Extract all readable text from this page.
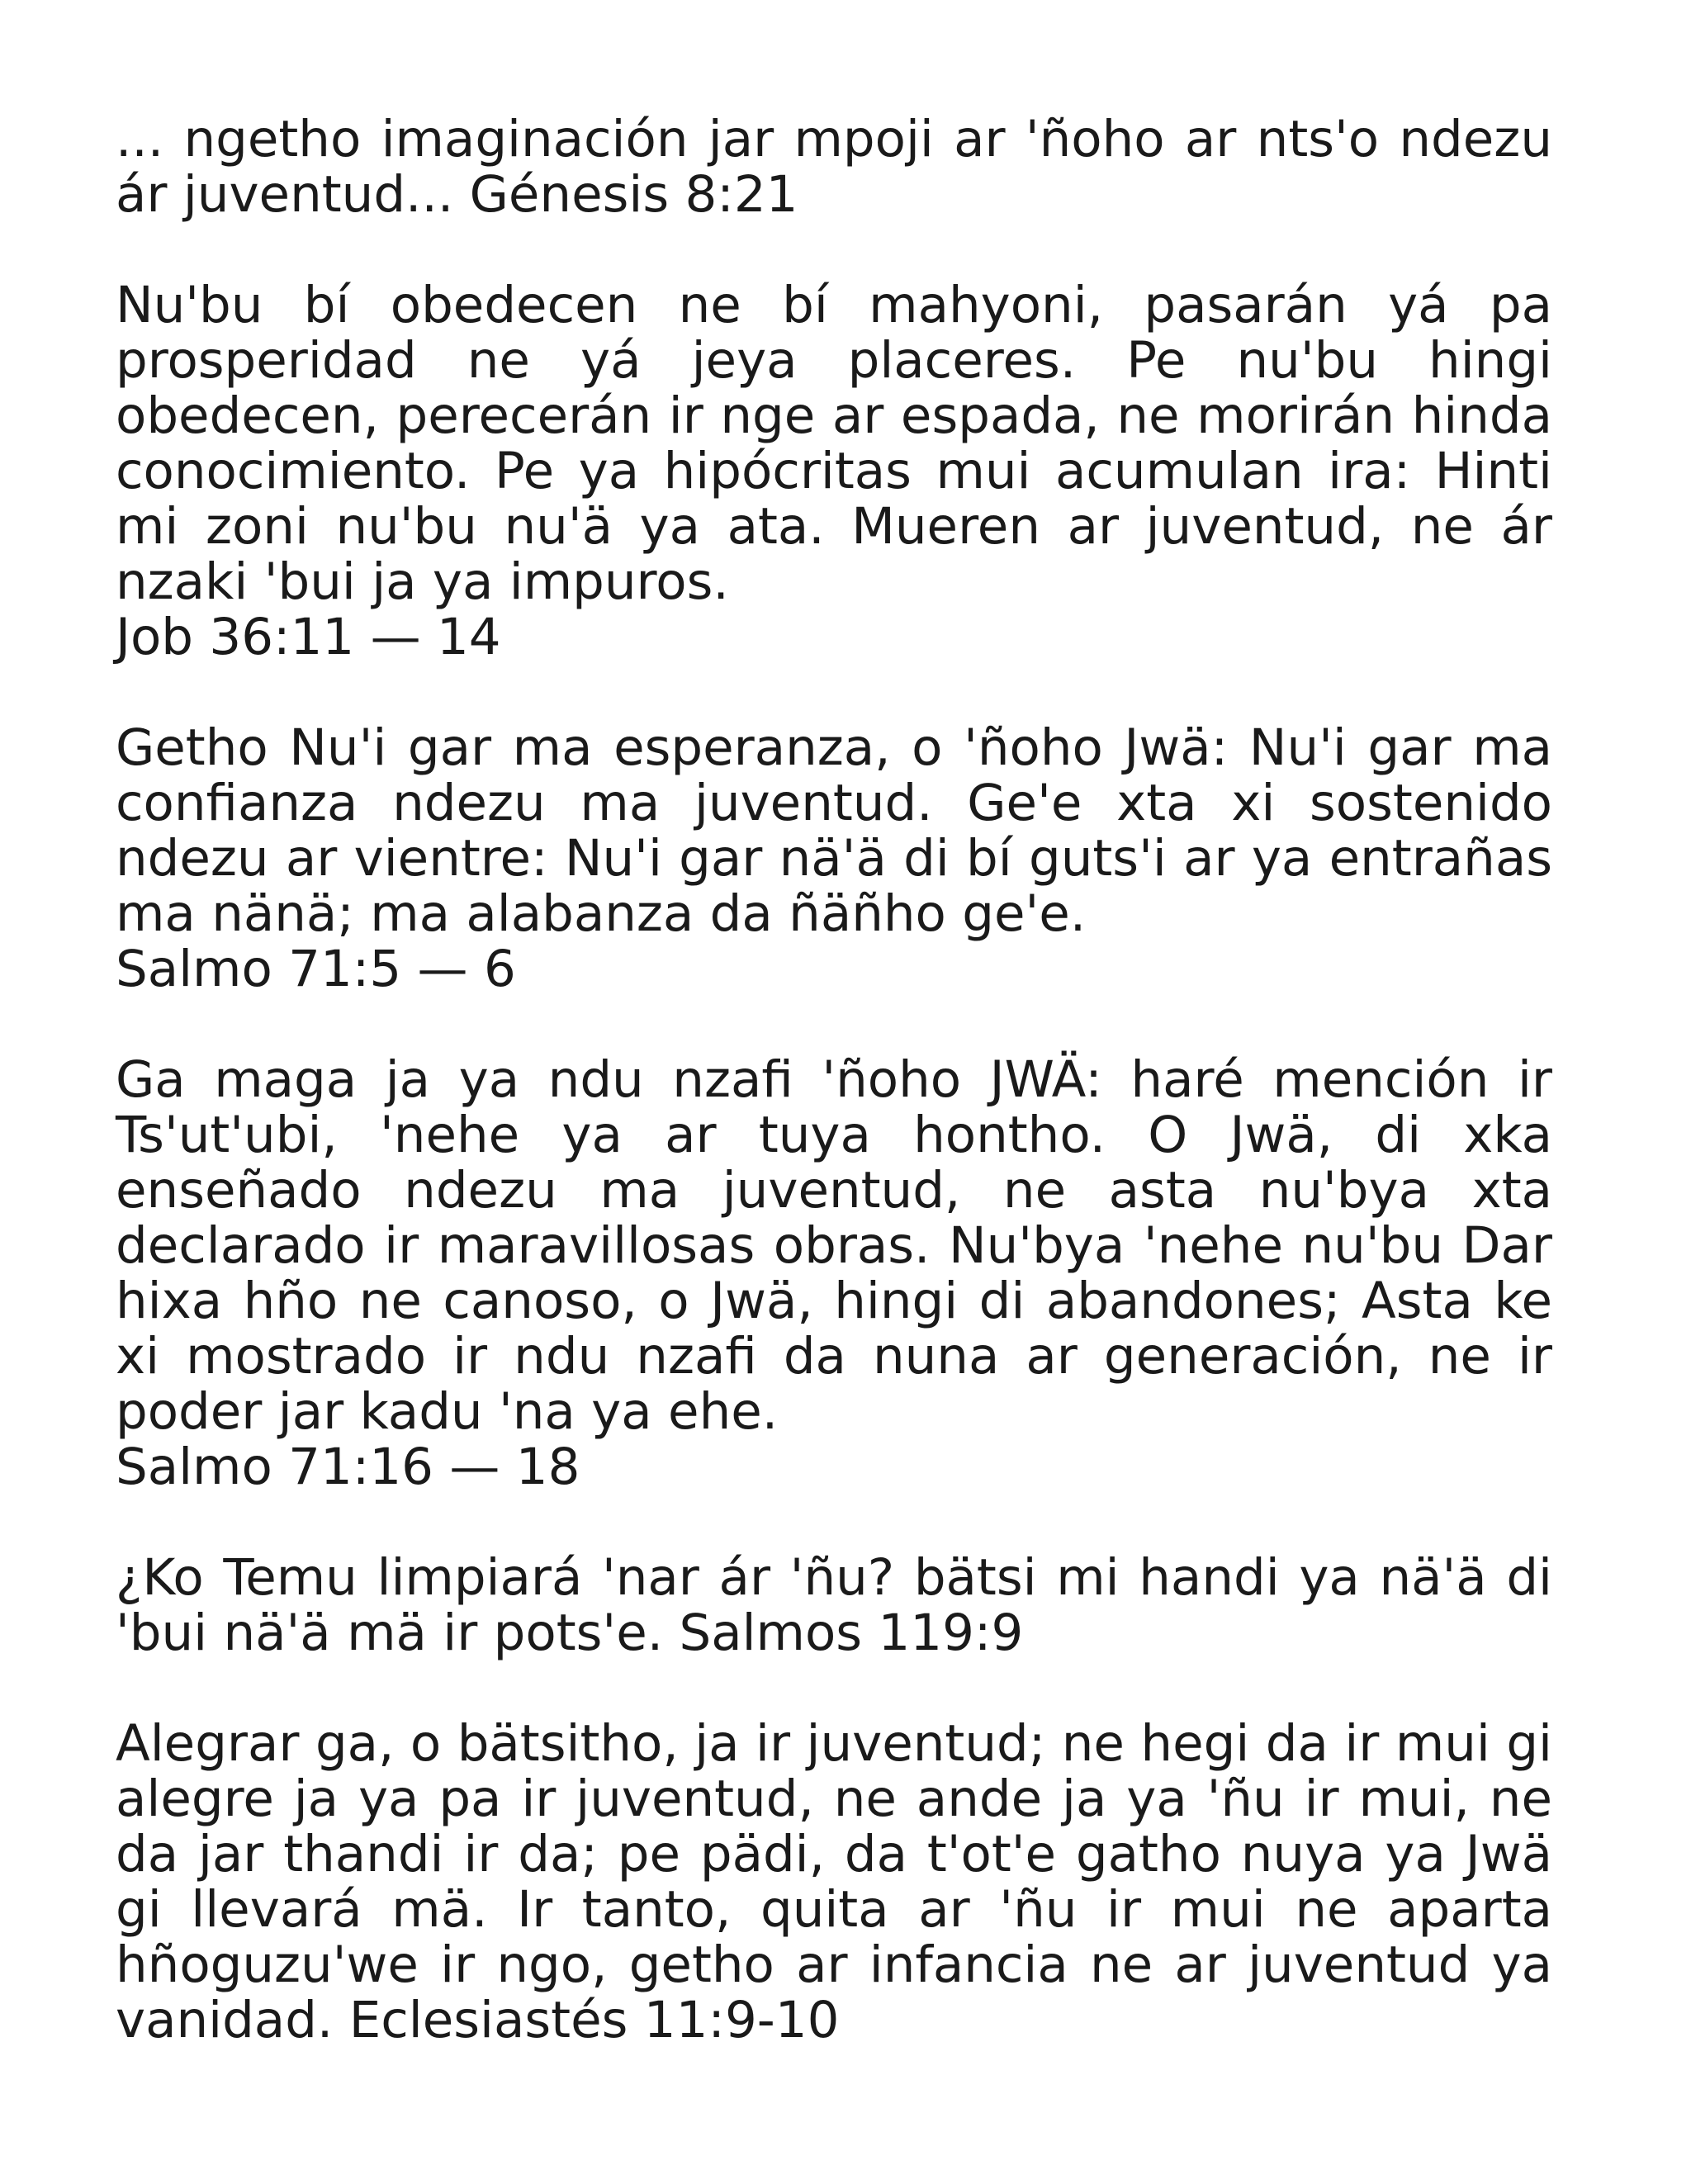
... ngetho imaginación jar mpoji ar 'ñoho ar nts'o ndezu ár juventud... Génesis 8:21

Nu'bu bí obedecen ne bí mahyoni, pasarán yá pa prosperidad ne yá jeya placeres. Pe nu'bu hingi obedecen, perecerán ir nge ar espada, ne morirán hinda conocimiento. Pe ya hipócritas mui acumulan ira: Hinti mi zoni nu'bu nu'ä ya ata. Mueren ar juventud, ne ár nzaki 'bui ja ya impuros.
Job 36:11 — 14

Getho Nu'i gar ma esperanza, o 'ñoho Jwä: Nu'i gar ma confianza ndezu ma juventud. Ge'e xta xi sostenido ndezu ar vientre: Nu'i gar nä'ä di bí guts'i ar ya entrañas ma nänä; ma alabanza da ñäñho ge'e.
Salmo 71:5 — 6

Ga maga ja ya ndu nzafi 'ñoho JWÄ: haré mención ir Ts'ut'ubi, 'nehe ya ar tuya hontho. O Jwä, di xka enseñado ndezu ma juventud, ne asta nu'bya xta declarado ir maravillosas obras. Nu'bya 'nehe nu'bu Dar hixa hño ne canoso, o Jwä, hingi di abandones; Asta ke xi mostrado ir ndu nzafi da nuna ar generación, ne ir poder jar kadu 'na ya ehe.
Salmo 71:16 — 18

¿Ko Temu limpiará 'nar ár 'ñu? bätsi mi handi ya nä'ä di 'bui nä'ä mä ir pots'e. Salmos 119:9

Alegrar ga, o bätsitho, ja ir juventud; ne hegi da ir mui gi alegre ja ya pa ir juventud, ne ande ja ya 'ñu ir mui, ne da jar thandi ir da; pe pädi, da t'ot'e gatho nuya ya Jwä gi llevará mä. Ir tanto, quita ar 'ñu ir mui ne aparta hñoguzu'we ir ngo, getho ar infancia ne ar juventud ya vanidad. Eclesiastés 11:9-10
